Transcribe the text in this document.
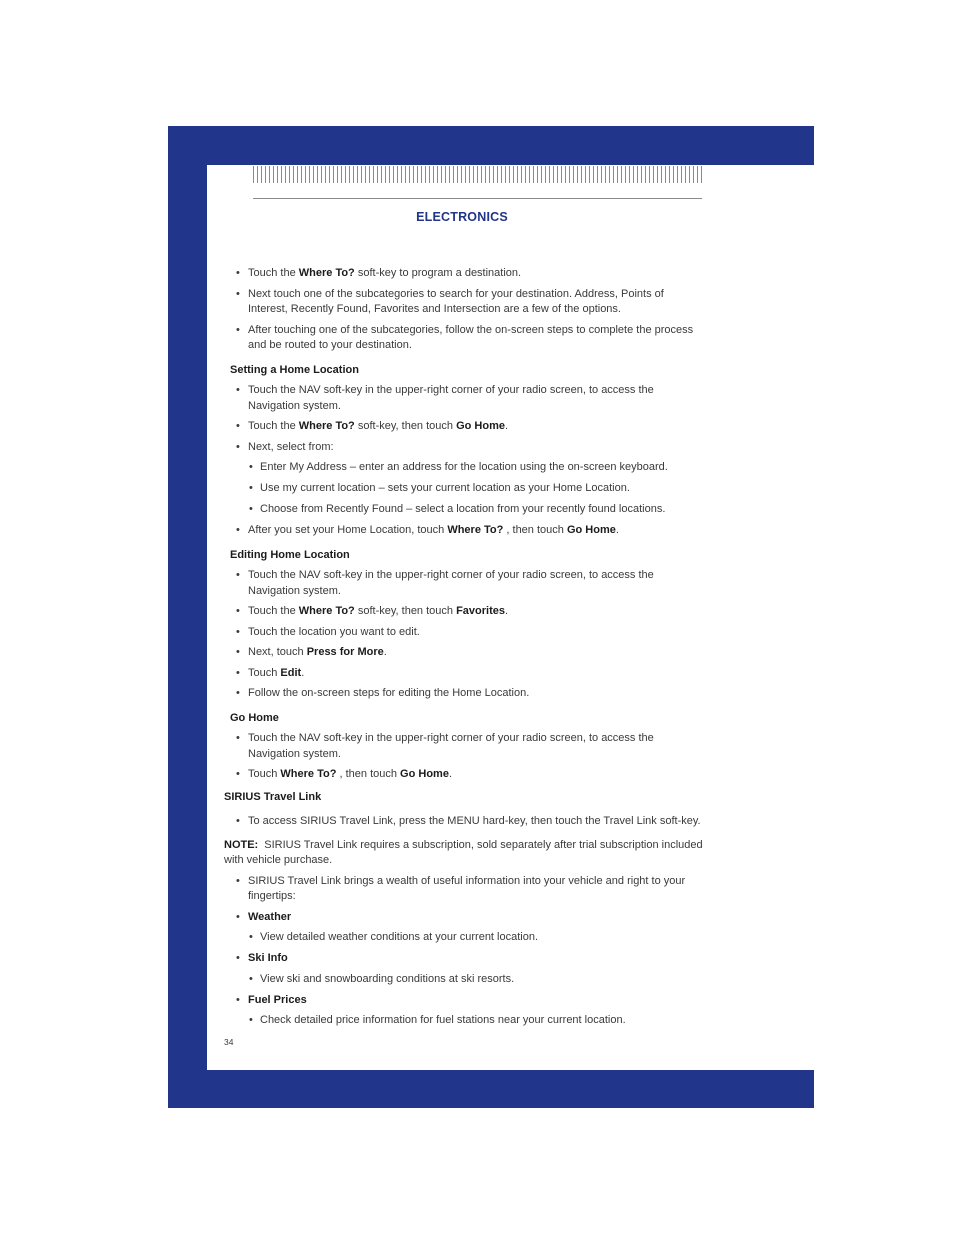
ELECTRONICS
• Touch the Where To? soft-key to program a destination.
• Next touch one of the subcategories to search for your destination. Address, Points of Interest, Recently Found, Favorites and Intersection are a few of the options.
• After touching one of the subcategories, follow the on-screen steps to complete the process and be routed to your destination.
Setting a Home Location
• Touch the NAV soft-key in the upper-right corner of your radio screen, to access the Navigation system.
• Touch the Where To? soft-key, then touch Go Home.
• Next, select from:
• Enter My Address – enter an address for the location using the on-screen keyboard.
• Use my current location – sets your current location as your Home Location.
• Choose from Recently Found – select a location from your recently found locations.
• After you set your Home Location, touch Where To? , then touch Go Home.
Editing Home Location
• Touch the NAV soft-key in the upper-right corner of your radio screen, to access the Navigation system.
• Touch the Where To? soft-key, then touch Favorites.
• Touch the location you want to edit.
• Next, touch Press for More.
• Touch Edit.
• Follow the on-screen steps for editing the Home Location.
Go Home
• Touch the NAV soft-key in the upper-right corner of your radio screen, to access the Navigation system.
• Touch Where To? , then touch Go Home.
SIRIUS Travel Link
• To access SIRIUS Travel Link, press the MENU hard-key, then touch the Travel Link soft-key.
NOTE: SIRIUS Travel Link requires a subscription, sold separately after trial subscription included with vehicle purchase.
• SIRIUS Travel Link brings a wealth of useful information into your vehicle and right to your fingertips:
• Weather
• View detailed weather conditions at your current location.
• Ski Info
• View ski and snowboarding conditions at ski resorts.
• Fuel Prices
• Check detailed price information for fuel stations near your current location.
34
